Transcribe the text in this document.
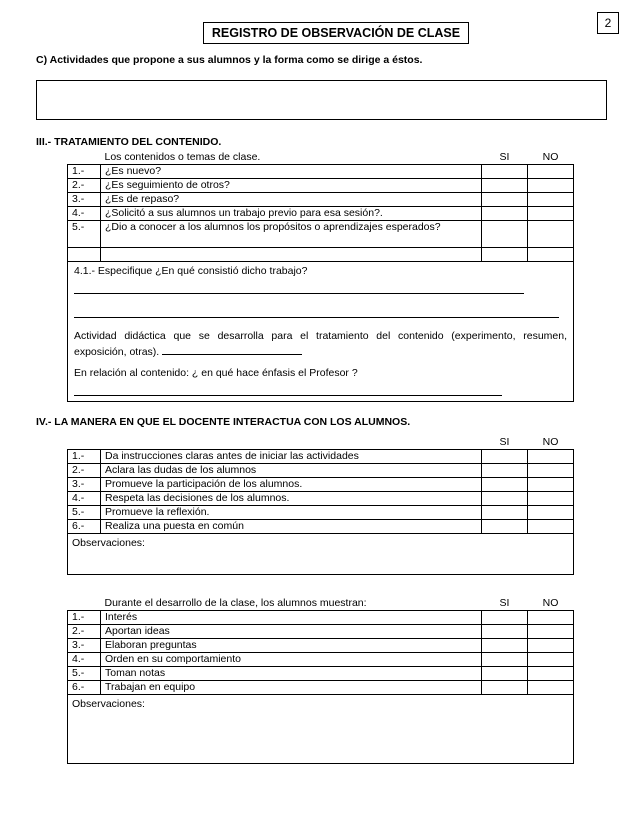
REGISTRO DE OBSERVACIÓN DE CLASE
2
C) Actividades que propone a sus alumnos y la forma como se dirige a éstos.
III.- TRATAMIENTO DEL CONTENIDO.
	Los contenidos o temas de clase.	SI	NO
1.-	¿Es nuevo?		
2.-	¿Es seguimiento de otros?		
3.-	¿Es de repaso?		
4.-	¿Solicitó a sus alumnos un trabajo previo para esa sesión?.		
5.-	¿Dio a conocer a los alumnos los propósitos o aprendizajes esperados?		

4.1.- Especifique ¿En qué consistió dicho trabajo?

Actividad didáctica que se desarrolla para el tratamiento del contenido (experimento, resumen, exposición, otras).

En relación al contenido: ¿ en qué hace énfasis el Profesor ?			

IV.- LA MANERA EN QUE EL DOCENTE INTERACTUA CON LOS ALUMNOS.
		SI	NO
1.-	Da instrucciones claras antes de iniciar las actividades		
2.-	Aclara las dudas de los alumnos		
3.-	Promueve la participación de los alumnos.		
4.-	Respeta las decisiones de los alumnos.		
5.-	Promueve la reflexión.		
6.-	Realiza una puesta en común		
Observaciones:			
	Durante el desarrollo de la clase, los alumnos muestran:	SI	NO
1.-	Interés		
2.-	Aportan ideas		
3.-	Elaboran preguntas		
4.-	Orden en su comportamiento		
5.-	Toman notas		
6.-	Trabajan en equipo		
Observaciones:			
